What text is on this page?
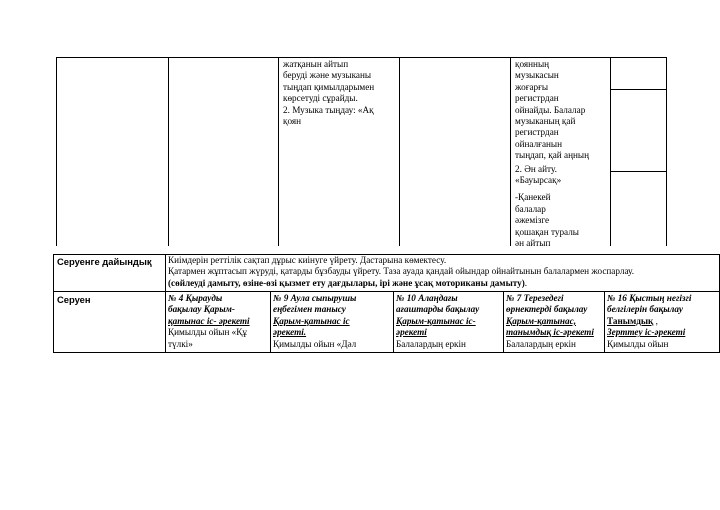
жатқанын айтып

беруді және музыканы

тыңдап қимылдарымен

көрсетуді сұрайды.

2. Музыка тыңдау: «Ақ

қоян

қоянның

музыкасын

жоғарғы

регистрдан

ойнайды. Балалар

музыканың қай

регистрдан

ойналғанын

тыңдап, қай аңның

2. Ән айту.

«Бауырсақ»

-Қанекей

балалар

әжемізге

қошақан туралы

ән айтып

Серуенге дайындық	Киімдерін реттілік сақтап дұрыс киінуге үйрету. Дастарына көмектесу.
Қатармен жұптасып жүруді, қатарды бұзбауды үйрету. Таза ауада қандай ойындар ойнайтынын балалармен жоспарлау.
(сөйлеуді дамыту, өзіне-өзі қызмет ету дағдылары, ірі және ұсақ моториканы дамыту).
Серуен	№ 4 Қырауды
бақылау Қарым-
қатынас іс- әрекеті
Қимылды ойын «Құ
түлкі»
№ 9 Аула сыпырушы
еңбегімен танысу
Қарым-қатынас іс
әрекеті.
Қимылды ойын «Дәл
№ 10 Алаңдағы
ағаштарды бақылау
Қарым-қатынас іс-
әрекеті
Балалардың еркін
№ 7 Терезедегі
өрнектерді бақылау
Қарым-қатынас,
танымдық іс-әрекеті
Балалардың еркін
№ 16 Қыстың негізгі
белгілерін бақылау
Танымдық ,
Зерттеу іс-әрекеті
Қимылды ойын
